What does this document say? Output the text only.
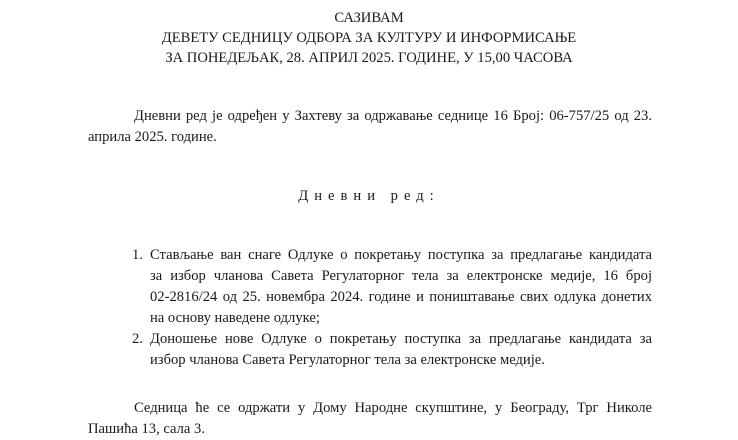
САЗИВАМ
ДЕВЕТУ СЕДНИЦУ ОДБОРА ЗА КУЛТУРУ И ИНФОРМИСАЊЕ
ЗА ПОНЕДЕЉАК, 28. АПРИЛ 2025. ГОДИНЕ, У 15,00 ЧАСОВА
Дневни ред је одређен у Захтеву за одржавање седнице 16 Број: 06-757/25 од 23.
априла 2025. године.
Дневни ред:
1. Стављање ван снаге Одлуке о покретању поступка за предлагање кандидата
за избор чланова Савета Регулаторног тела за електронске медије, 16 број
02-2816/24 од 25. новембра 2024. године и поништавање свих одлука донетих
на основу наведене одлуке;
2. Доношење нове Одлуке о покретању поступка за предлагање кандидата за
избор чланова Савета Регулаторног тела за електронске медије.
Седница ће се одржати у Дому Народне скупштине, у Београду, Трг Николе
Пашића 13, сала 3.
